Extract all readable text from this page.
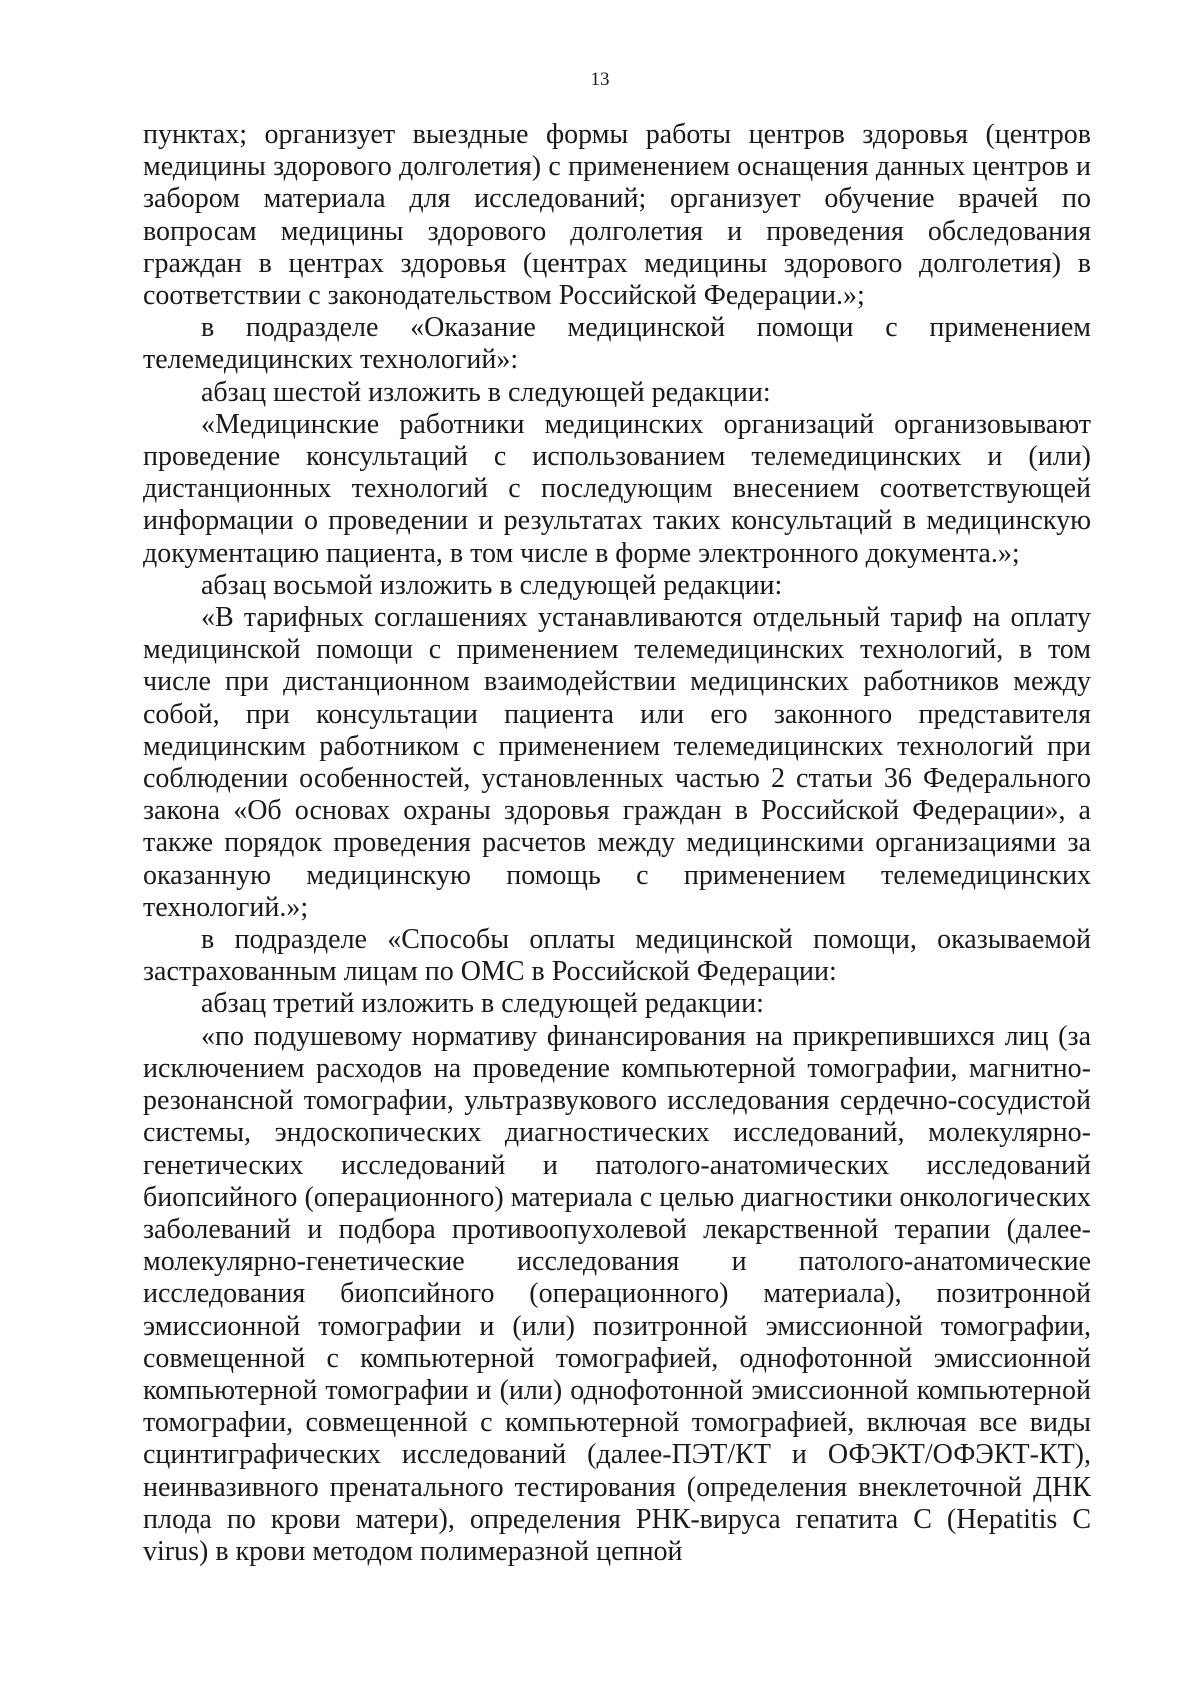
13

пунктах; организует выездные формы работы центров здоровья (центров медицины здорового долголетия) с применением оснащения данных центров и забором материала для исследований; организует обучение врачей по вопросам медицины здорового долголетия и проведения обследования граждан в центрах здоровья (центрах медицины здорового долголетия) в соответствии с законодательством Российской Федерации.»;

в подразделе «Оказание медицинской помощи с применением телемедицинских технологий»:

абзац шестой изложить в следующей редакции:

«Медицинские работники медицинских организаций организовывают проведение консультаций с использованием телемедицинских и (или) дистанционных технологий с последующим внесением соответствующей информации о проведении и результатах таких консультаций в медицинскую документацию пациента, в том числе в форме электронного документа.»;

абзац восьмой изложить в следующей редакции:

«В тарифных соглашениях устанавливаются отдельный тариф на оплату медицинской помощи с применением телемедицинских технологий, в том числе при дистанционном взаимодействии медицинских работников между собой, при консультации пациента или его законного представителя медицинским работником с применением телемедицинских технологий при соблюдении особенностей, установленных частью 2 статьи 36 Федерального закона «Об основах охраны здоровья граждан в Российской Федерации», а также порядок проведения расчетов между медицинскими организациями за оказанную медицинскую помощь с применением телемедицинских технологий.»;

в подразделе «Способы оплаты медицинской помощи, оказываемой застрахованным лицам по ОМС в Российской Федерации:

абзац третий изложить в следующей редакции:

«по подушевому нормативу финансирования на прикрепившихся лиц (за исключением расходов на проведение компьютерной томографии, магнитно-резонансной томографии, ультразвукового исследования сердечно-сосудистой системы, эндоскопических диагностических исследований, молекулярно-генетических исследований и патолого-анатомических исследований биопсийного (операционного) материала с целью диагностики онкологических заболеваний и подбора противоопухолевой лекарственной терапии (далее-молекулярно-генетические исследования и патолого-анатомические исследования биопсийного (операционного) материала), позитронной эмиссионной томографии и (или) позитронной эмиссионной томографии, совмещенной с компьютерной томографией, однофотонной эмиссионной компьютерной томографии и (или) однофотонной эмиссионной компьютерной томографии, совмещенной с компьютерной томографией, включая все виды сцинтиграфических исследований (далее-ПЭТ/КТ и ОФЭКТ/ОФЭКТ-КТ), неинвазивного пренатального тестирования (определения внеклеточной ДНК плода по крови матери), определения РНК-вируса гепатита С (Hepatitis C virus) в крови методом полимеразной цепной
